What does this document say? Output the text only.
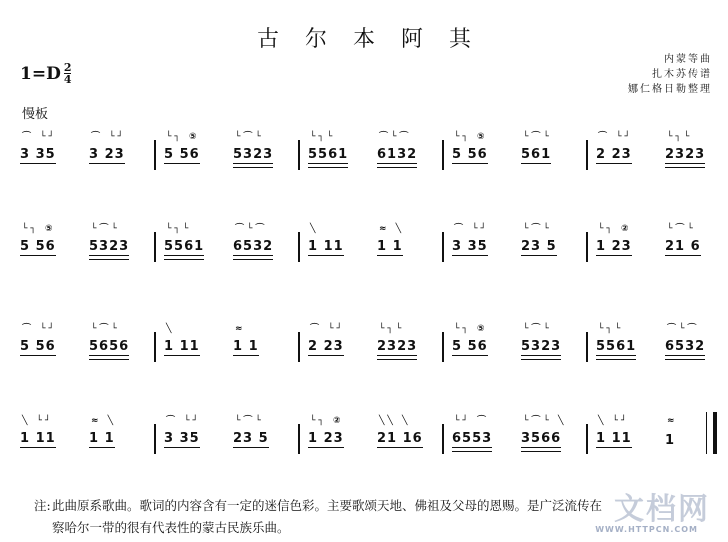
古尔本阿其
内蒙等曲
扎木苏传谱
娜仁格日勒整理
$1=D \frac{2}{4}$
慢板
⌒ └┘
3 35
⌒ └┘
3 23
└┐ ⑤
5 56
└⌒└
5323
└┐└
5561
⌒└⌒
6132
└┐ ⑤
5 56
└⌒└
561
⌒ └┘
2 23
└┐└
2323
└┐ ⑤
5 56
└⌒└
5323
└┐└
5561
⌒└⌒
6532
╲
1 11
≈ ╲
1 1
⌒ └┘
3 35
└⌒└
23 5
└┐ ②
1 23
└⌒└
21 6
⌒ └┘
5 56
└⌒└
5656
╲
1 11
≈
1 1
⌒ └┘
2 23
└┐└
2323
└┐ ⑤
5 56
└⌒└
5323
└┐└
5561
⌒└⌒
6532
╲ └┘
1 11
≈ ╲
1 1
⌒ └┘
3 35
└⌒└
23 5
└┐ ②
1 23
╲╲ ╲
21 16
└┘ ⌒
6553
└⌒└ ╲
3566
╲ └┘
1 11
≈
1
注: 此曲原系歌曲。歌词的内容含有一定的迷信色彩。主要歌颂天地、佛祖及父母的恩赐。是广泛流传在
察哈尔一带的很有代表性的蒙古民族乐曲。
文档网
WWW.HTTPCN.COM
